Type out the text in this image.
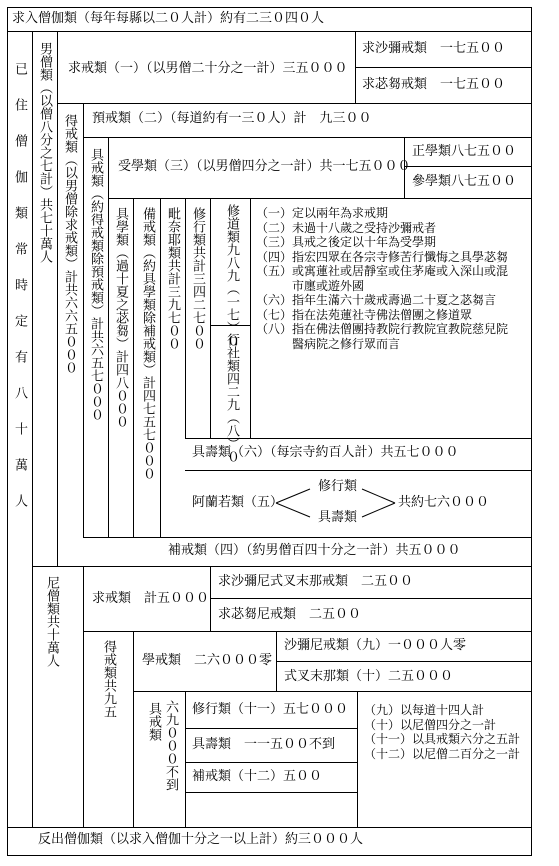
求入僧伽類（每年每縣以二０人計）約有二三０四０人
反出僧伽類（以求入僧伽十分之一以上計）約三０００人
已住僧伽類常時定有八十萬人 男僧類（以僧八分之七計）共七十萬人 求戒類（一）（以男僧二十分之一計）三五０００
求沙彌戒類　一七五００
求苾芻戒類　一七五００
得戒類（以男僧除求戒類）計共六六五０００ 預戒類（二）（每道約有一三０人）計　九三００
具戒類（約得戒類除預戒類）計共六五七０００ 受學類（三）（以男僧四分之一計）共一七五０００
正學類八七五００
參學類八七五００
具學類（過十夏之苾芻）計四八０００ 備戒類（約具學類除補戒類）計四七五七０００ 毗奈耶類共計三九七００ 修行類共計三四二七００ 修道類九八九（一七）０
行社類四二九（八）０
（一）定以兩年為求戒期
（二）未過十八歲之受持沙彌戒者
（三）具戒之後定以十年為受學期
（四）指宏四眾在各宗寺修苦行懺悔之具學苾芻
（五）或寓蓮社或居靜室或住茅庵或入深山或混
　　　市廛或遊外國
（六）指年生滿六十歲戒壽過二十夏之苾芻言
（七）指在法苑蓮社寺佛法僧團之修道眾
（八）指在佛法僧團持教院行教院宣教院慈兒院
　　　醫病院之修行眾而言
具壽類（六）（每宗寺約百人計）共五七０００
阿蘭若類（五）
修行類
具壽類
共約七六０００
補戒類（四）（約男僧百四十分之一計）共五０００
尼僧類共十萬人	求戒類　計五０００
求沙彌尼式叉末那戒類　二五００
求苾芻尼戒類　二五００
得戒類共九五 學戒類　二六０００零
沙彌尼戒類（九）一０００人零
式叉末那類（十）二五０００
具戒類 六九０００不到 修行類（十一）五七０００
具壽類　一一五００不到
補戒類（十二）五００
（九）以每道十四人計
（十）以尼僧四分之一計
（十一）以具戒類六分之五計
（十二）以尼僧二百分之一計
